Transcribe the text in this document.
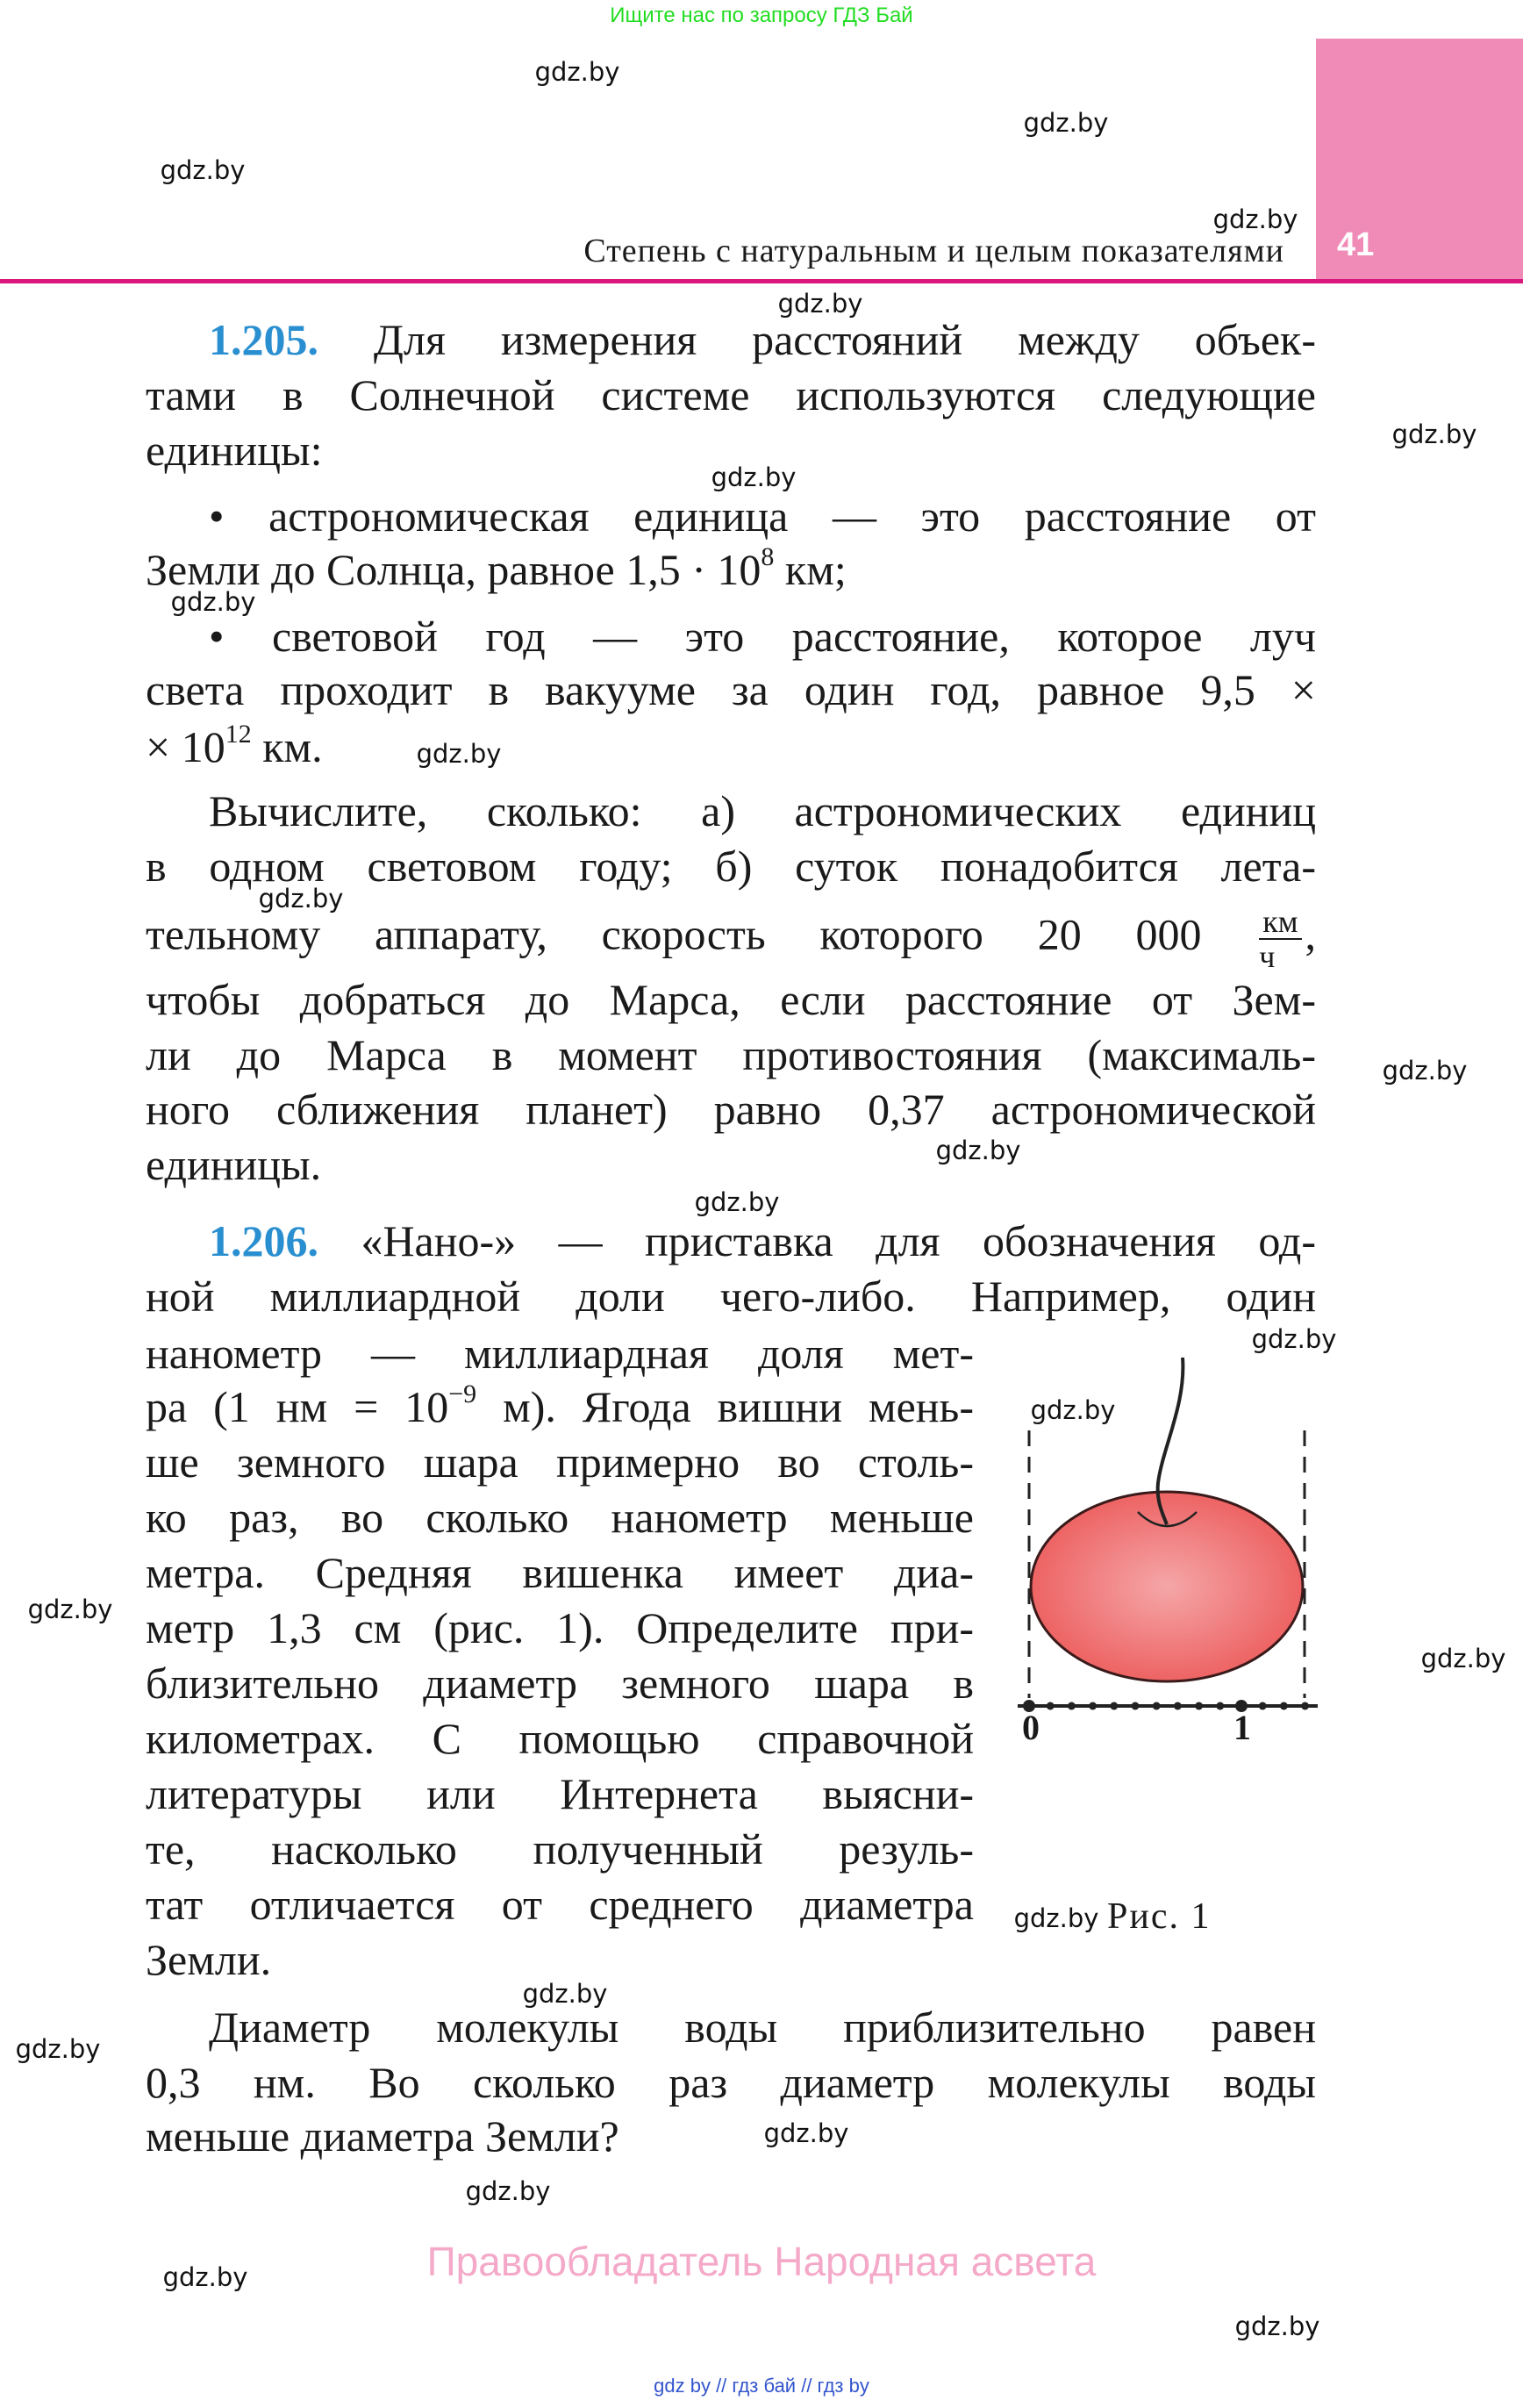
Ищите нас по запросу ГДЗ Бай
41
Степень с натуральным и целым показателями
1.205. Для измерения расстояний между объек-
тами в Солнечной системе используются следующие
единицы:
• астрономическая единица — это расстояние от
Земли до Солнца, равное $1,5 \cdot 10^8$ км;
• световой год — это расстояние, которое луч
света проходит в вакууме за один год, равное 9,5 ×
× $10^{12}$ км.
Вычислите, сколько: а) астрономических единиц
в одном световом году; б) суток понадобится лета-
тельному аппарату, скорость которого 20 $000 \frac{км}{ч}$ ,
чтобы добраться до Марса, если расстояние от Зем-
ли до Марса в момент противостояния (максималь-
ного сближения планет) равно 0,37 астрономической
единицы.
1.206. «Нано-» — приставка для обозначения од-
ной миллиардной доли чего-либо. Например, один
нанометр — миллиардная доля мет-
ра (1 нм = $10^{-9}$ м). Ягода вишни мень-
ше земного шара примерно во столь-
ко раз, во сколько нанометр меньше
метра. Средняя вишенка имеет диа-
метр 1,3 см (рис. 1). Определите при-
близительно диаметр земного шара в
километрах. С помощью справочной
литературы или Интернета выясни-
те, насколько полученный резуль-
тат отличается от среднего диаметра
Земли.
Диаметр молекулы воды приблизительно равен
0,3 нм. Во сколько раз диаметр молекулы воды
меньше диаметра Земли?
0	1
Рис. 1
gdz.by
gdz.by
gdz.by
gdz.by
gdz.by
gdz.by
gdz.by
gdz.by
gdz.by
gdz.by
gdz.by
gdz.by
gdz.by
gdz.by
gdz.by
gdz.by
gdz.by
gdz.by
gdz.by
gdz.by
gdz.by
gdz.by
gdz.by
gdz.by
Правообладатель Народная асвета
gdz by // гдз бай // гдз by
